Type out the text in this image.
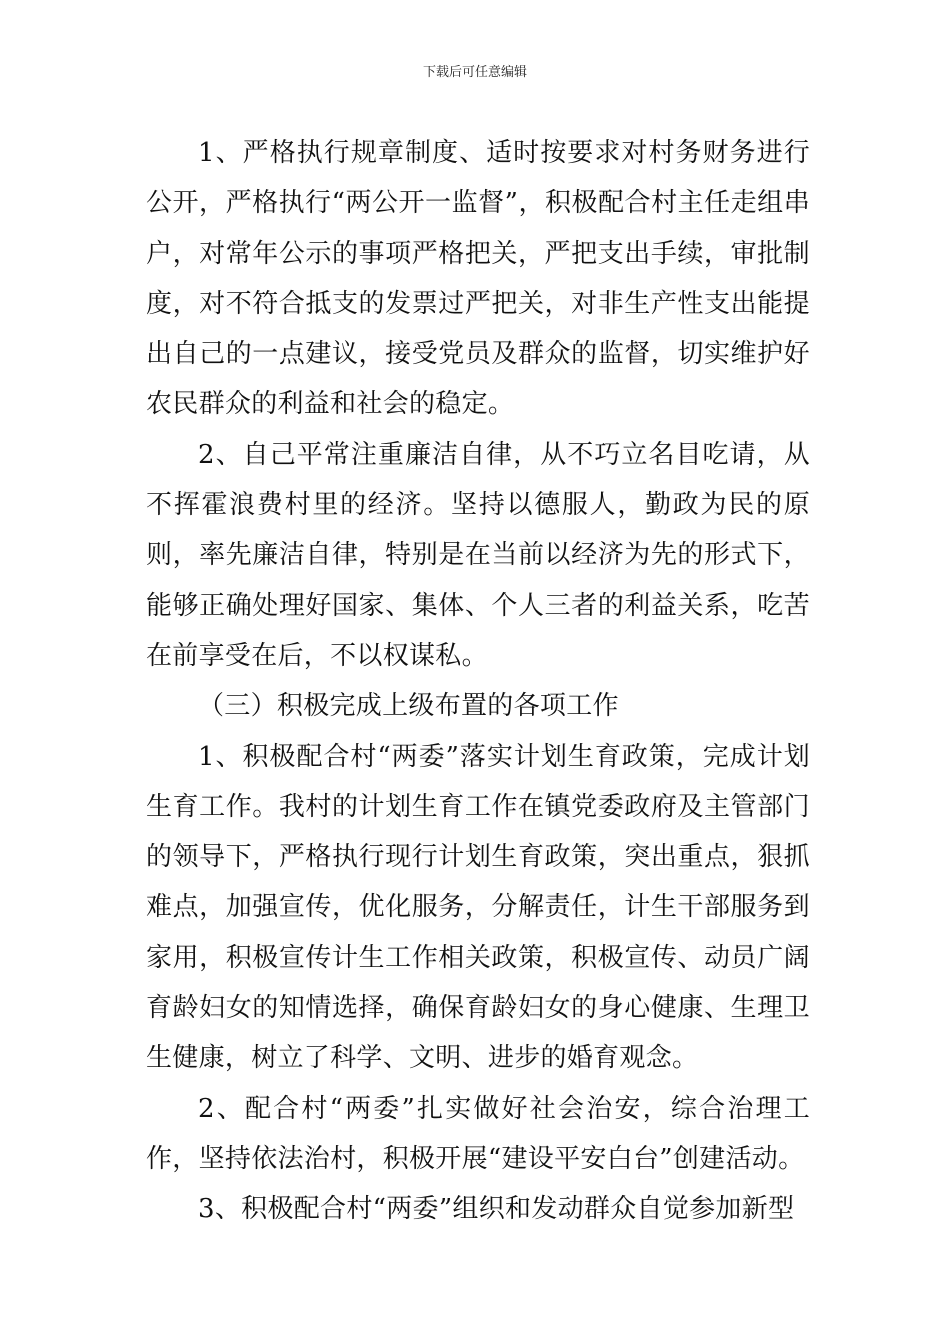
下载后可任意编辑

1、严格执行规章制度、适时按要求对村务财务进行公开，严格执行“两公开一监督”，积极配合村主任走组串户，对常年公示的事项严格把关，严把支出手续，审批制度，对不符合抵支的发票过严把关，对非生产性支出能提出自己的一点建议，接受党员及群众的监督，切实维护好农民群众的利益和社会的稳定。

2、自己平常注重廉洁自律，从不巧立名目吃请，从不挥霍浪费村里的经济。坚持以德服人，勤政为民的原则，率先廉洁自律，特别是在当前以经济为先的形式下，能够正确处理好国家、集体、个人三者的利益关系，吃苦在前享受在后，不以权谋私。

（三）积极完成上级布置的各项工作

1、积极配合村“两委”落实计划生育政策，完成计划生育工作。我村的计划生育工作在镇党委政府及主管部门的领导下，严格执行现行计划生育政策，突出重点，狠抓难点，加强宣传，优化服务，分解责任，计生干部服务到家用，积极宣传计生工作相关政策，积极宣传、动员广阔育龄妇女的知情选择，确保育龄妇女的身心健康、生理卫生健康，树立了科学、文明、进步的婚育观念。

2、配合村“两委”扎实做好社会治安，综合治理工作，坚持依法治村，积极开展“建设平安白台”创建活动。

3、积极配合村“两委”组织和发动群众自觉参加新型
